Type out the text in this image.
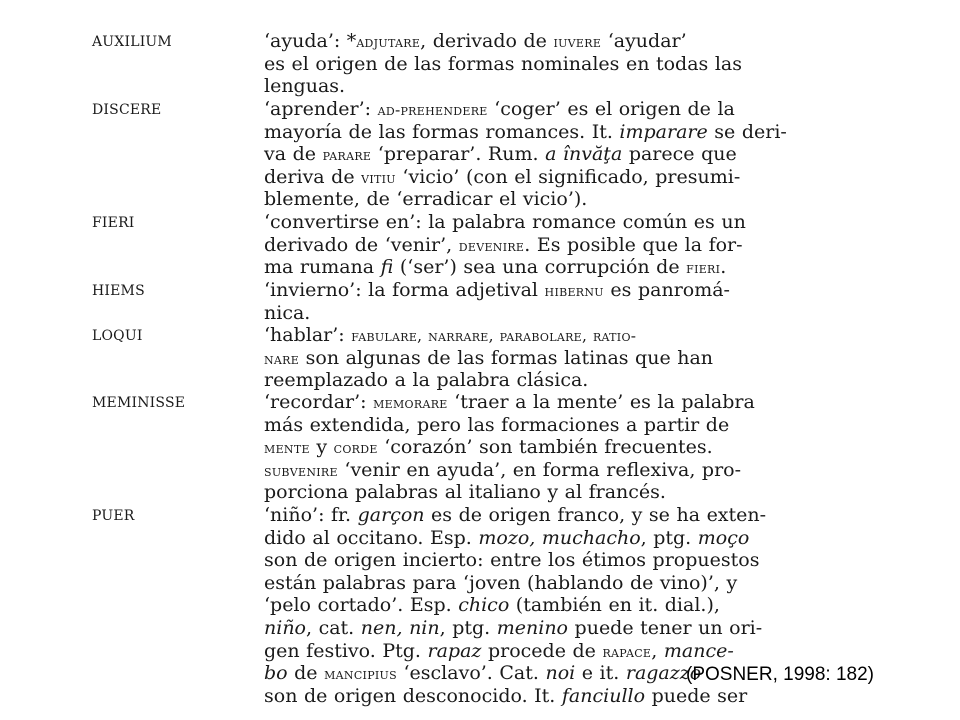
AUXILIUM	‘ayuda’: *adjutare, derivado de iuvere ‘ayudar’
es el origen de las formas nominales en todas las
lenguas.
DISCERE	‘aprender’: ad-prehendere ‘coger’ es el origen de la
mayoría de las formas romances. It. imparare se deri-
va de parare ‘preparar’. Rum. a învăţa parece que
deriva de vitiu ‘vicio’ (con el significado, presumi-
blemente, de ‘erradicar el vicio’).
FIERI	‘convertirse en’: la palabra romance común es un
derivado de ‘venir’, devenire. Es posible que la for-
ma rumana fi (‘ser’) sea una corrupción de fieri.
HIEMS	‘invierno’: la forma adjetival hibernu es panromá-
nica.
LOQUI	‘hablar’: fabulare, narrare, parabolare, ratio-
nare son algunas de las formas latinas que han
reemplazado a la palabra clásica.
MEMINISSE	‘recordar’: memorare ‘traer a la mente’ es la palabra
más extendida, pero las formaciones a partir de
mente y corde ‘corazón’ son también frecuentes.
subvenire ‘venir en ayuda’, en forma reflexiva, pro-
porciona palabras al italiano y al francés.
PUER	‘niño’: fr. garçon es de origen franco, y se ha exten-
dido al occitano. Esp. mozo, muchacho, ptg. moço
son de origen incierto: entre los étimos propuestos
están palabras para ‘joven (hablando de vino)’, y
‘pelo cortado’. Esp. chico (también en it. dial.),
niño, cat. nen, nin, ptg. menino puede tener un ori-
gen festivo. Ptg. rapaz procede de rapace, mance-
bo de mancipius ‘esclavo’. Cat. noi e it. ragazzo
son de origen desconocido. It. fanciullo puede ser
(POSNER, 1998: 182)
